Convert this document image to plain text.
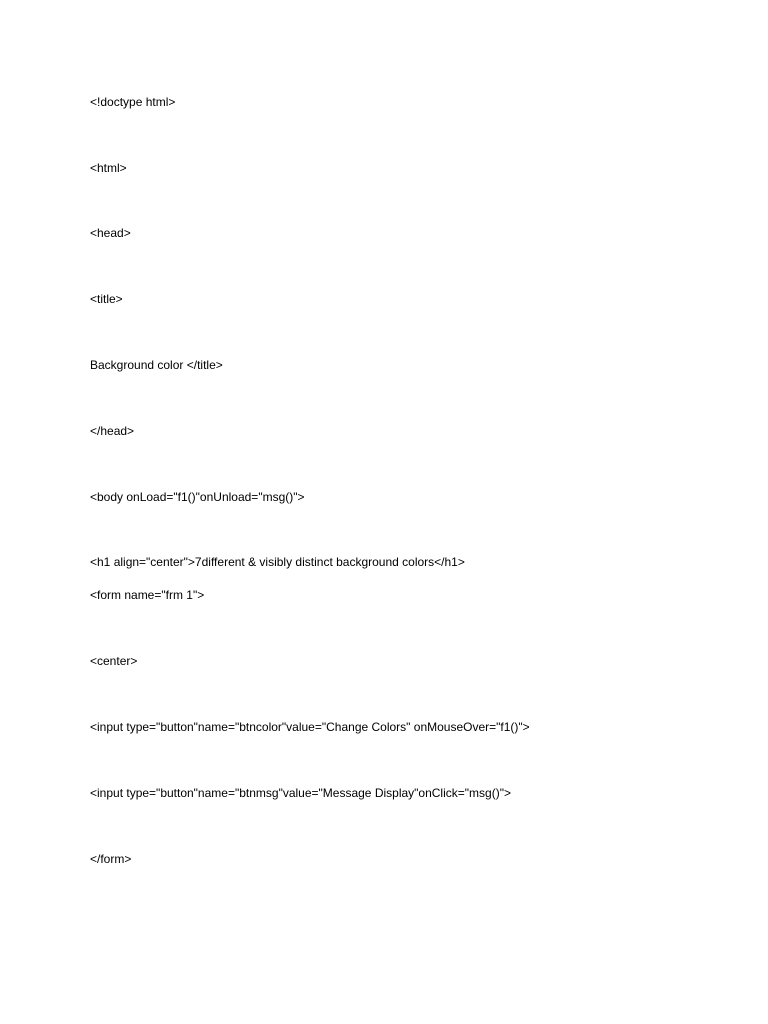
<!doctype html>

<html>

<head>

<title>

Background color </title>

</head>

<body onLoad="f1()"onUnload="msg()">

<h1 align="center">7different & visibly distinct background colors</h1>

<form name="frm 1">

<center>

<input type="button"name="btncolor"value="Change Colors" onMouseOver="f1()">

<input type="button"name="btnmsg"value="Message Display"onClick="msg()">

</form>
